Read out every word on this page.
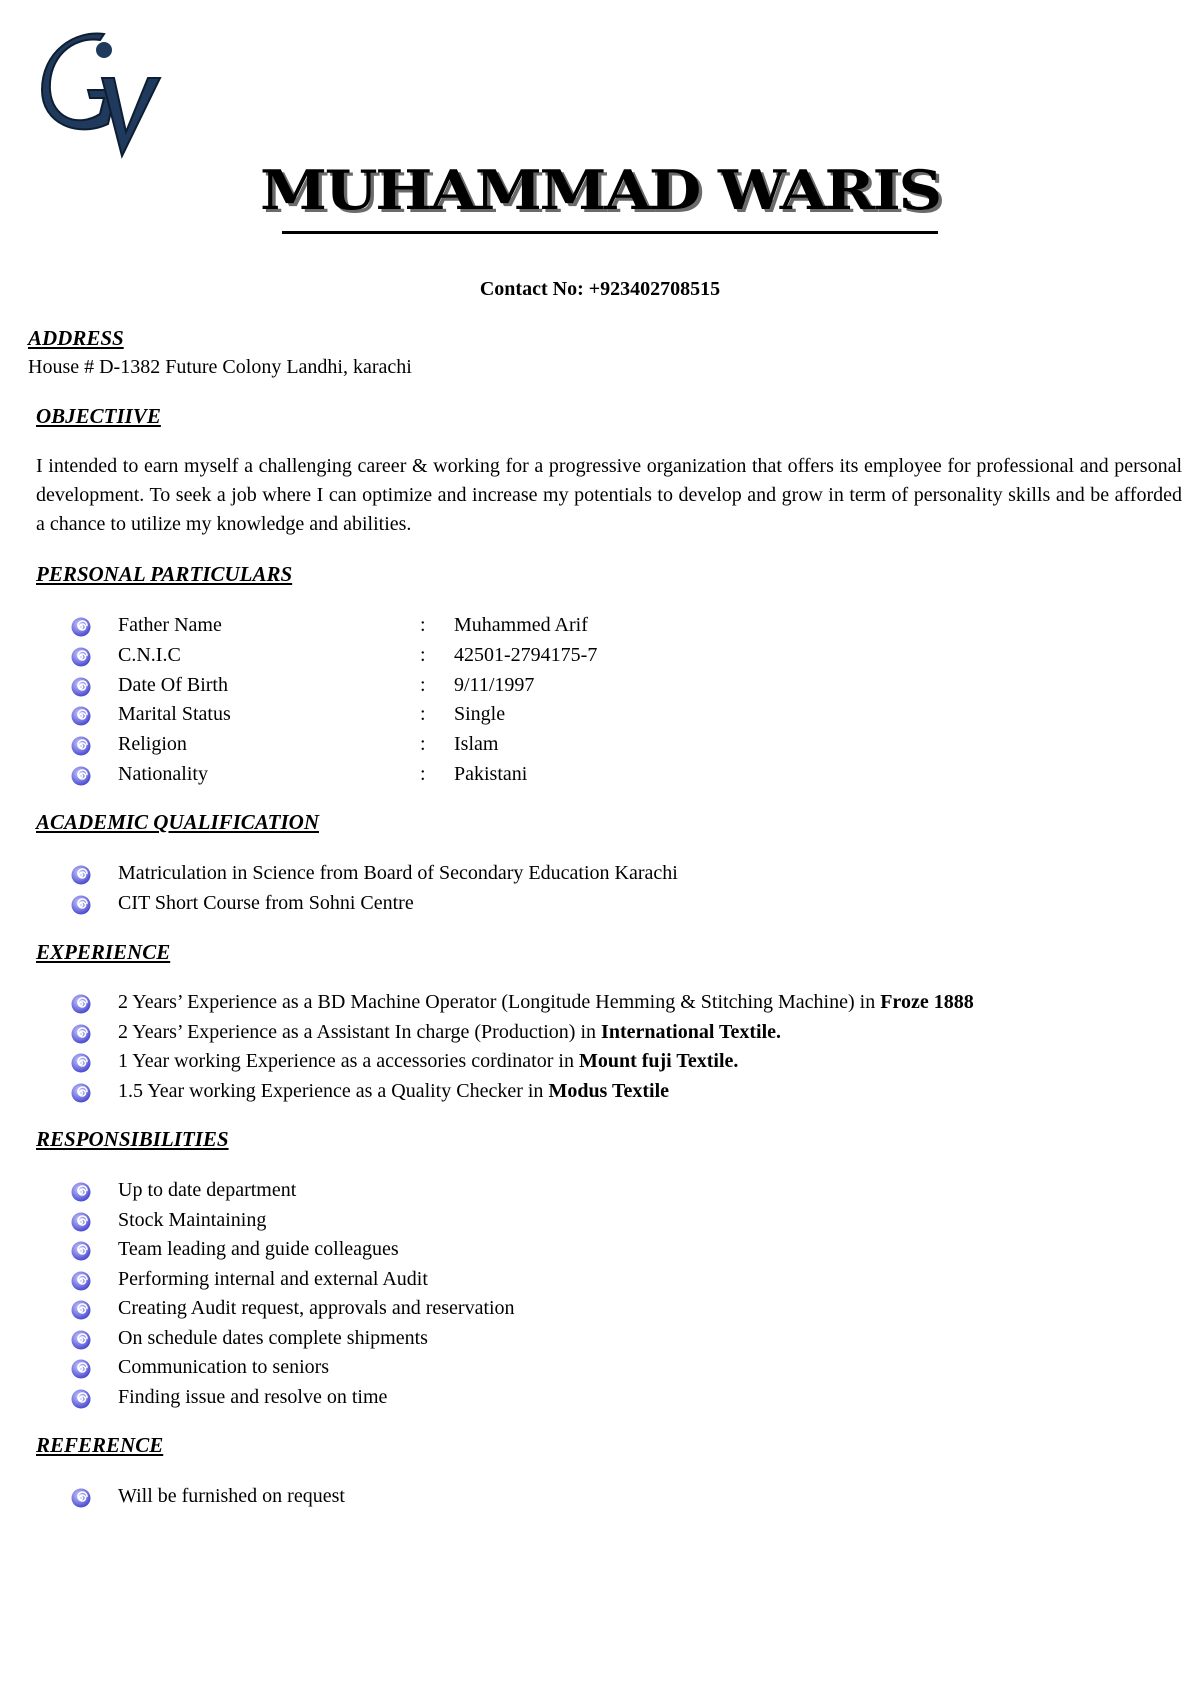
MUHAMMAD WARIS
Contact No: +923402708515
ADDRESS

House # D-1382 Future Colony Landhi, karachi

OBJECTIIVE

I intended to earn myself a challenging career & working for a progressive organization that offers its employee for professional and personal development. To seek a job where I can optimize and increase my potentials to develop and grow in term of personality skills and be afforded a chance to utilize my knowledge and abilities.

PERSONAL PARTICULARS
Father Name	: Muhammed Arif
C.N.I.C	: 42501-2794175-7
Date Of Birth	: 9/11/1997
Marital Status	: Single
Religion	: Islam
Nationality	: Pakistani
ACADEMIC QUALIFICATION
Matriculation in Science from Board of Secondary Education Karachi
CIT Short Course from Sohni Centre
EXPERIENCE
2 Years’ Experience as a BD Machine Operator (Longitude Hemming & Stitching Machine) in Froze 1888
2 Years’ Experience as a Assistant In charge (Production) in International Textile.
1 Year working Experience as a accessories cordinator in Mount fuji Textile.
1.5 Year working Experience as a Quality Checker in Modus Textile
RESPONSIBILITIES
Up to date department
Stock Maintaining
Team leading and guide colleagues
Performing internal and external Audit
Creating Audit request, approvals and reservation
On schedule dates complete shipments
Communication to seniors
Finding issue and resolve on time
REFERENCE
Will be furnished on request
